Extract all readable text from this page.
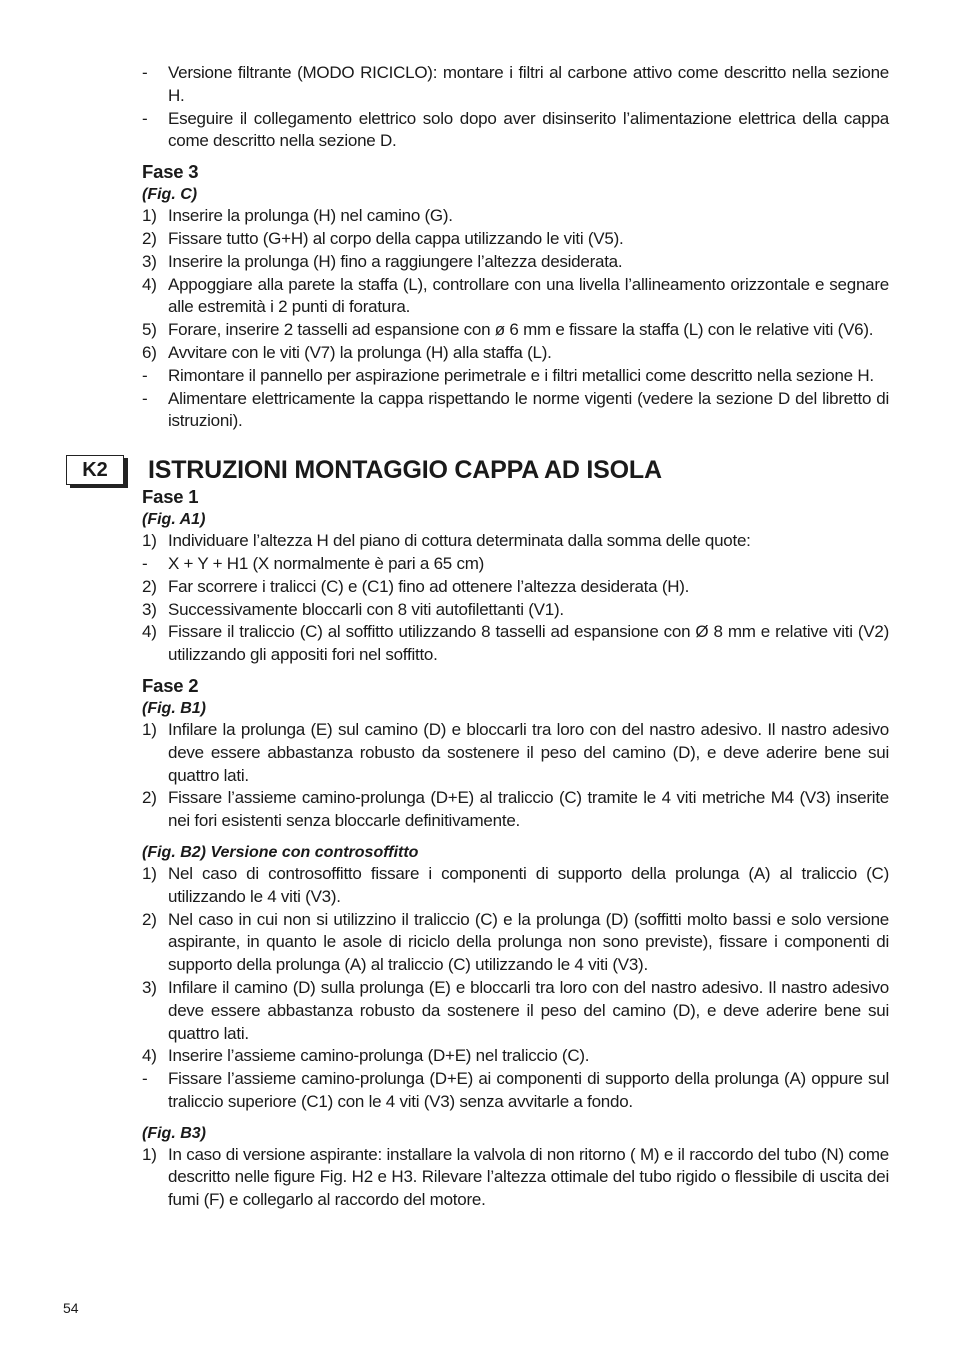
- Versione filtrante (MODO RICICLO): montare i filtri al carbone attivo come descritto nella sezione H.
- Eseguire il collegamento elettrico solo dopo aver disinserito l’alimentazione elettrica della cappa come descritto nella sezione D.
Fase 3
(Fig. C)
1) Inserire la prolunga (H) nel camino (G).
2) Fissare tutto (G+H) al corpo della cappa utilizzando le viti (V5).
3) Inserire la prolunga (H) fino a raggiungere l’altezza desiderata.
4) Appoggiare alla parete la staffa (L), controllare con una livella l’allineamento orizzontale e segnare alle estremità i 2 punti di foratura.
5) Forare, inserire 2 tasselli ad espansione con ø 6 mm e fissare la staffa (L) con le relative viti (V6).
6) Avvitare con le viti (V7) la prolunga (H) alla staffa (L).
- Rimontare il pannello per aspirazione perimetrale e i filtri metallici come descritto nella sezione H.
- Alimentare elettricamente la cappa rispettando le norme vigenti (vedere la sezione D del libretto di istruzioni).
K2	ISTRUZIONI MONTAGGIO CAPPA AD ISOLA
Fase 1
(Fig. A1)
1) Individuare l’altezza H del piano di cottura determinata dalla somma delle quote:
- X + Y + H1 (X normalmente è pari a 65 cm)
2) Far scorrere i tralicci (C) e (C1) fino ad ottenere l’altezza desiderata (H).
3) Successivamente bloccarli con 8 viti autofilettanti (V1).
4) Fissare il traliccio (C) al soffitto utilizzando 8 tasselli ad espansione con Ø 8 mm e relative viti (V2) utilizzando gli appositi fori nel soffitto.
Fase 2
(Fig. B1)
1) Infilare la prolunga (E) sul camino (D) e bloccarli tra loro con del nastro adesivo. Il nastro adesivo deve essere abbastanza robusto da sostenere il peso del camino (D), e deve aderire bene sui quattro lati.
2) Fissare l’assieme camino-prolunga (D+E) al traliccio (C) tramite le 4 viti metriche M4 (V3) inserite nei fori esistenti senza bloccarle definitivamente.
(Fig. B2) Versione con controsoffitto
1) Nel caso di controsoffitto fissare i componenti di supporto della prolunga (A) al traliccio (C) utilizzando le 4 viti (V3).
2) Nel caso in cui non si utilizzino il traliccio (C) e la prolunga (D) (soffitti molto bassi e solo versione aspirante, in quanto le asole di riciclo della prolunga non sono previste), fissare i componenti di supporto della prolunga (A) al traliccio (C) utilizzando le 4 viti (V3).
3) Infilare il camino (D) sulla prolunga (E) e bloccarli tra loro con del nastro adesivo. Il nastro adesivo deve essere abbastanza robusto da sostenere il peso del camino (D), e deve aderire bene sui quattro lati.
4) Inserire l’assieme camino-prolunga (D+E) nel traliccio (C).
- Fissare l’assieme camino-prolunga (D+E) ai componenti di supporto della prolunga (A) oppure sul traliccio superiore (C1) con le 4 viti (V3) senza avvitarle a fondo.
(Fig. B3)
1) In caso di versione aspirante: installare la valvola di non ritorno ( M) e il raccordo del tubo (N) come descritto nelle figure Fig. H2 e H3. Rilevare l’altezza ottimale del tubo rigido o flessibile di uscita dei fumi (F) e collegarlo al raccordo del motore.
54
